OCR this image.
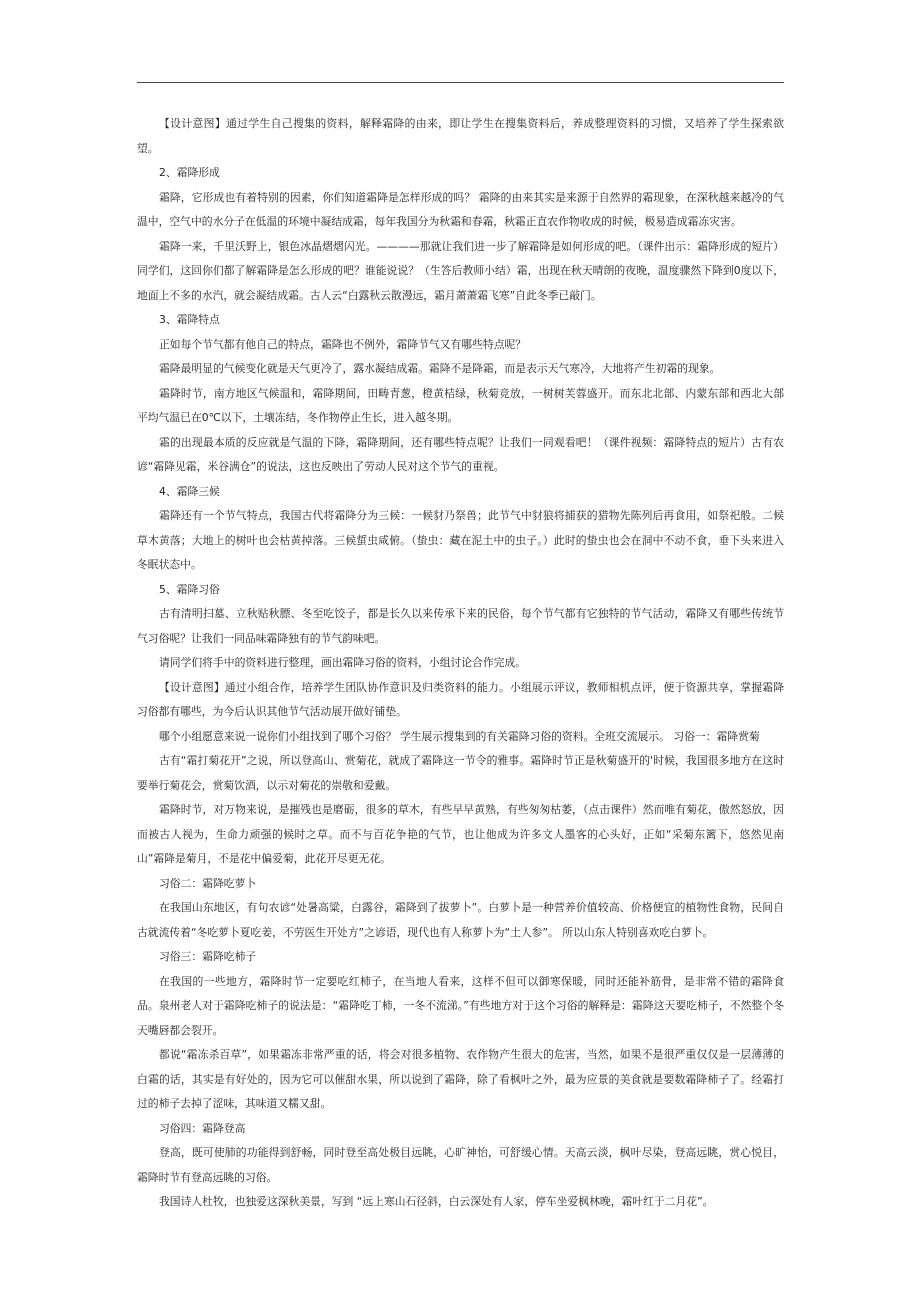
【设计意图】通过学生自己搜集的资料，解释霜降的由来，即让学生在搜集资料后，养成整理资料的习惯，又培养了学生探索欲望。

2、霜降形成

霜降，它形成也有着特别的因素，你们知道霜降是怎样形成的吗？ 霜降的由来其实是来源于自然界的霜现象，在深秋越来越冷的气温中，空气中的水分子在低温的环境中凝结成霜，每年我国分为秋霜和春霜，秋霜正直农作物收成的时候，极易造成霜冻灾害。

霜降一来，千里沃野上，银色冰晶熠熠闪光。————那就让我们进一步了解霜降是如何形成的吧。（课件出示：霜降形成的短片）同学们，这回你们都了解霜降是怎么形成的吧？谁能说说？（生答后教师小结）霜，出现在秋天晴朗的夜晚，温度骤然下降到0度以下，地面上不多的水汽，就会凝结成霜。古人云“白露秋云散漫远，霜月萧萧霜飞寒”自此冬季已敲门。

3、霜降特点

正如每个节气都有他自己的特点，霜降也不例外，霜降节气又有哪些特点呢？

霜降最明显的气候变化就是天气更冷了，露水凝结成霜。霜降不是降霜，而是表示天气寒冷，大地将产生初霜的现象。

霜降时节，南方地区气候温和，霜降期间，田畴青葱，橙黄桔绿，秋菊竞放，一树树芙蓉盛开。而东北北部、内蒙东部和西北大部平均气温已在0℃以下，土壤冻结，冬作物停止生长，进入越冬期。

霜的出现最本质的反应就是气温的下降，霜降期间，还有哪些特点呢？让我们一同观看吧！（课件视频：霜降特点的短片）古有农谚“霜降见霜，米谷满仓”的说法，这也反映出了劳动人民对这个节气的重视。

4、霜降三候

霜降还有一个节气特点，我国古代将霜降分为三候：一候豺乃祭兽；此节气中豺狼将捕获的猎物先陈列后再食用，如祭祀般。二候草木黄落；大地上的树叶也会枯黄掉落。三候蜇虫咸俯。（蛰虫：藏在泥土中的虫子。）此时的蛰虫也会在洞中不动不食，垂下头来进入冬眠状态中。

5、霜降习俗

古有清明扫墓、立秋贴秋膘、冬至吃饺子，都是长久以来传承下来的民俗，每个节气都有它独特的节气活动，霜降又有哪些传统节气习俗呢？让我们一同品味霜降独有的节气韵味吧。

请同学们将手中的资料进行整理，画出霜降习俗的资料，小组讨论合作完成。

【设计意图】通过小组合作，培养学生团队协作意识及归类资料的能力。小组展示评议，教师相机点评，便于资源共享，掌握霜降习俗都有哪些，为今后认识其他节气活动展开做好铺垫。

哪个小组愿意来说一说你们小组找到了哪个习俗？ 学生展示搜集到的有关霜降习俗的资料。全班交流展示。 习俗一：霜降赏菊

古有“霜打菊花开”之说，所以登高山、赏菊花，就成了霜降这一节令的雅事。霜降时节正是秋菊盛开的'时候，我国很多地方在这时要举行菊花会，赏菊饮酒，以示对菊花的崇敬和爱戴。

霜降时节，对万物来说，是摧残也是磨砺，很多的草木，有些早早黄熟，有些匆匆枯萎，（点击课件）然而唯有菊花，傲然怒放，因而被古人视为，生命力顽强的候时之草。而不与百花争艳的气节，也让他成为许多文人墨客的心头好，正如“采菊东篱下，悠然见南山”霜降是菊月，不是花中偏爱菊，此花开尽更无花。

习俗二：霜降吃萝卜

在我国山东地区，有句农谚“处暑高粱，白露谷，霜降到了拔萝卜”。白萝卜是一种营养价值较高、价格便宜的植物性食物，民间自古就流传着“冬吃萝卜夏吃姜，不劳医生开处方”之谚语，现代也有人称萝卜为“土人参”。 所以山东人特别喜欢吃白萝卜。

习俗三：霜降吃柿子

在我国的一些地方，霜降时节一定要吃红柿子，在当地人看来，这样不但可以御寒保暖，同时还能补筋骨，是非常不错的霜降食品。泉州老人对于霜降吃柿子的说法是：“霜降吃丁柿，一冬不流涕。”有些地方对于这个习俗的解释是：霜降这天要吃柿子，不然整个冬天嘴唇都会裂开。

都说“霜冻杀百草”，如果霜冻非常严重的话，将会对很多植物、农作物产生很大的危害，当然，如果不是很严重仅仅是一层薄薄的白霜的话，其实是有好处的，因为它可以催甜水果，所以说到了霜降，除了看枫叶之外，最为应景的美食就是要数霜降柿子了。经霜打过的柿子去掉了涩味，其味道又糯又甜。

习俗四：霜降登高

登高，既可使肺的功能得到舒畅，同时登至高处极目远眺，心旷神怡，可舒缓心情。天高云淡，枫叶尽染，登高远眺，赏心悦目，霜降时节有登高远眺的习俗。

我国诗人杜牧，也独爱这深秋美景，写到 “远上寒山石径斜，白云深处有人家，停车坐爱枫林晚，霜叶红于二月花”。
